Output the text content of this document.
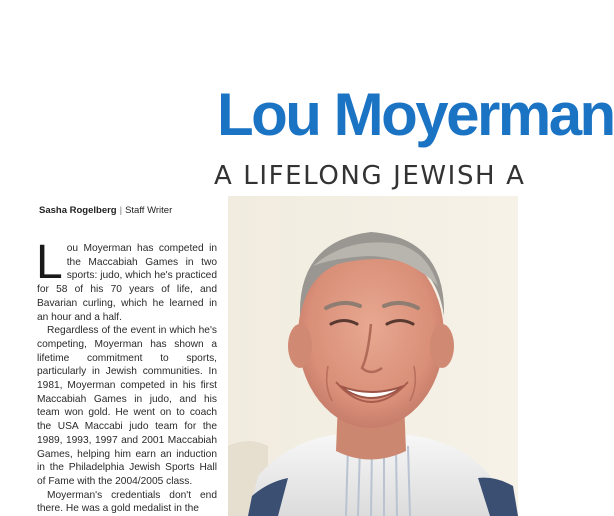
Lou Moyerman
A LIFELONG JEWISH A
Sasha Rogelberg | Staff Writer

Lou Moyerman has competed in the Maccabiah Games in two sports: judo, which he's practiced for 58 of his 70 years of life, and Bavarian curling, which he learned in an hour and a half.

Regardless of the event in which he's competing, Moyerman has shown a lifetime commitment to sports, particularly in Jewish communities. In 1981, Moyerman competed in his first Maccabiah Games in judo, and his team won gold. He went on to coach the USA Maccabi judo team for the 1989, 1993, 1997 and 2001 Maccabiah Games, helping him earn an induction in the Philadelphia Jewish Sports Hall of Fame with the 2004/2005 class.

Moyerman's credentials don't end there. He was a gold medalist in the
